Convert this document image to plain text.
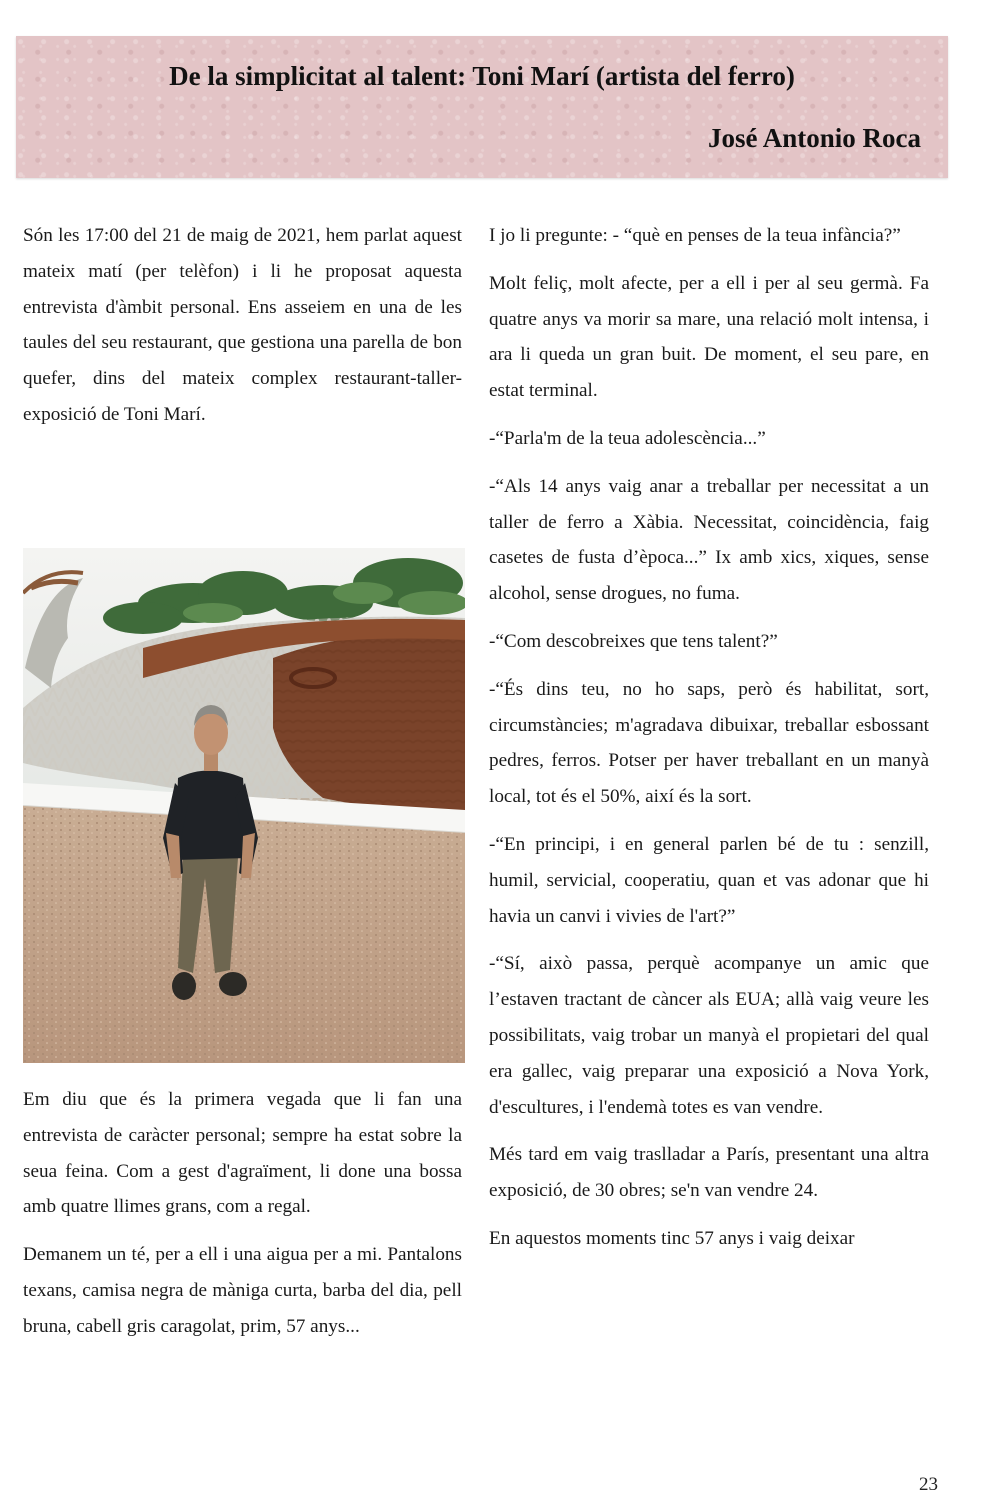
De la simplicitat al talent: Toni Marí (artista del ferro)
José Antonio Roca

Són les 17:00 del 21 de maig de 2021, hem parlat aquest mateix matí (per telèfon) i li he proposat aquesta entrevista d'àmbit personal. Ens asseiem en una de les taules del seu restaurant, que gestiona una parella de bon quefer, dins del mateix complex restaurant-taller-exposició de Toni Marí.

Em diu que és la primera vegada que li fan una entrevista de caràcter personal; sempre ha estat sobre la seua feina. Com a gest d'agraïment, li done una bossa amb quatre llimes grans, com a regal.

Demanem un té, per a ell i una aigua per a mi. Pantalons texans, camisa negra de màniga curta, barba del dia, pell bruna, cabell gris caragolat, prim, 57 anys...

I jo li pregunte: - “què en penses de la teua infància?”

Molt feliç, molt afecte, per a ell i per al seu germà. Fa quatre anys va morir sa mare, una relació molt intensa, i ara li queda un gran buit. De moment, el seu pare, en estat terminal.

-“Parla'm de la teua adolescència...”

-“Als 14 anys vaig anar a treballar per necessitat a un taller de ferro a Xàbia. Necessitat, coincidència, faig casetes de fusta d’època...” Ix amb xics, xiques, sense alcohol, sense drogues, no fuma.

-“Com descobreixes que tens talent?”

-“És dins teu, no ho saps, però és habilitat, sort, circumstàncies; m'agradava dibuixar, treballar esbossant pedres, ferros. Potser per haver treballant en un manyà local, tot és el 50%, així és la sort.

-“En principi, i en general parlen bé de tu : senzill, humil, servicial, cooperatiu, quan et vas adonar que hi havia un canvi i vivies de l'art?”

-“Sí, això passa, perquè acompanye un amic que l’estaven tractant de càncer als EUA; allà vaig veure les possibilitats, vaig trobar un manyà el propietari del qual era gallec, vaig preparar una exposició a Nova York, d'escultures, i l'endemà totes es van vendre.

Més tard em vaig traslladar a París, presentant una altra exposició, de 30 obres; se'n van vendre 24.

En aquestos moments tinc 57 anys i vaig deixar

23
